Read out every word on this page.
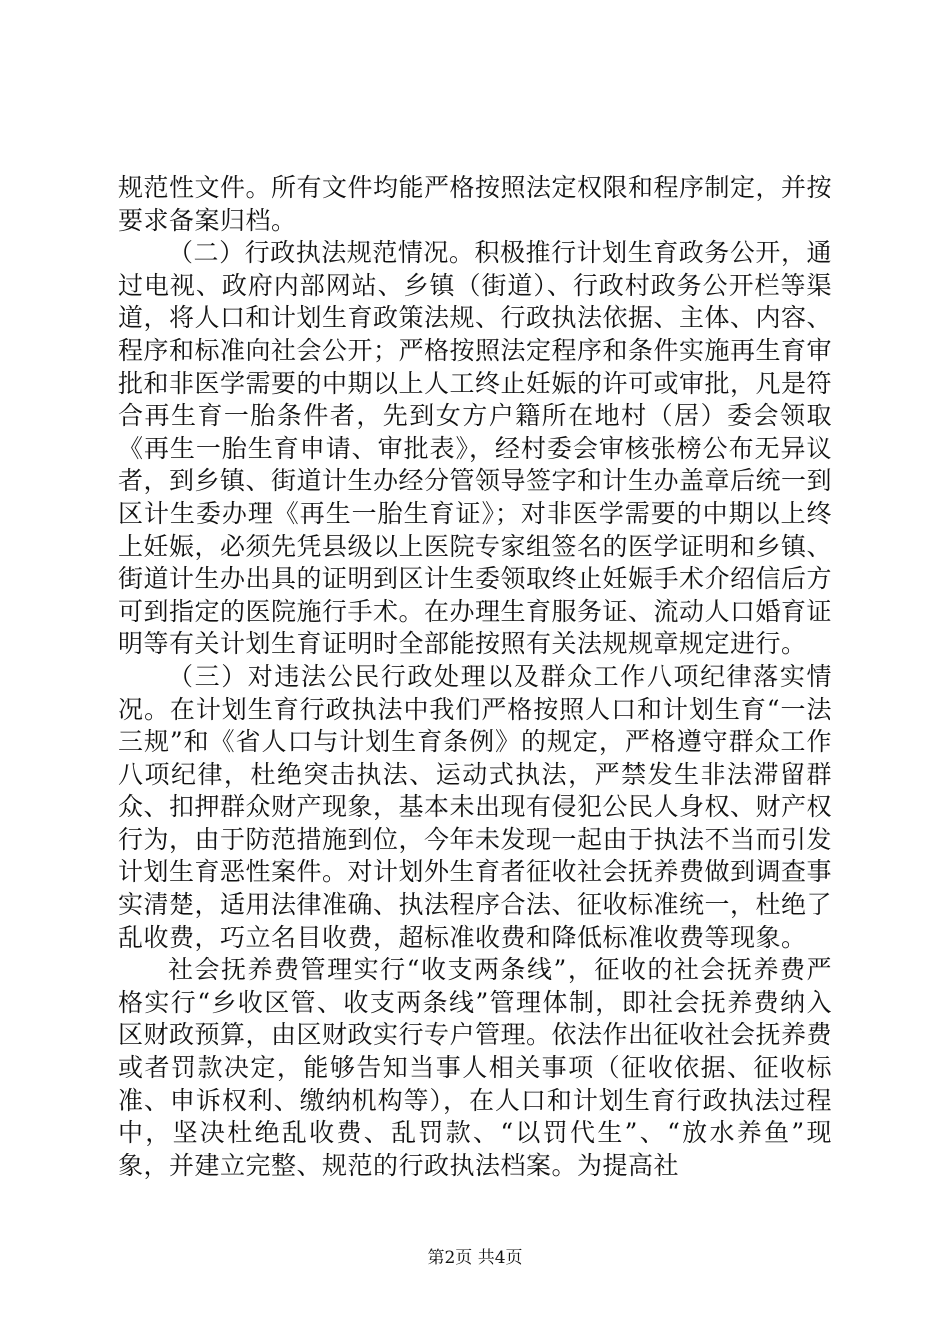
规范性文件。所有文件均能严格按照法定权限和程序制定，并按要求备案归档。

（二）行政执法规范情况。积极推行计划生育政务公开，通过电视、政府内部网站、乡镇（街道）、行政村政务公开栏等渠道，将人口和计划生育政策法规、行政执法依据、主体、内容、程序和标准向社会公开；严格按照法定程序和条件实施再生育审批和非医学需要的中期以上人工终止妊娠的许可或审批，凡是符合再生育一胎条件者，先到女方户籍所在地村（居）委会领取《再生一胎生育申请、审批表》，经村委会审核张榜公布无异议者，到乡镇、街道计生办经分管领导签字和计生办盖章后统一到区计生委办理《再生一胎生育证》；对非医学需要的中期以上终上妊娠，必须先凭县级以上医院专家组签名的医学证明和乡镇、街道计生办出具的证明到区计生委领取终止妊娠手术介绍信后方可到指定的医院施行手术。在办理生育服务证、流动人口婚育证明等有关计划生育证明时全部能按照有关法规规章规定进行。

（三）对违法公民行政处理以及群众工作八项纪律落实情况。在计划生育行政执法中我们严格按照人口和计划生育“一法三规”和《省人口与计划生育条例》的规定，严格遵守群众工作八项纪律，杜绝突击执法、运动式执法，严禁发生非法滞留群众、扣押群众财产现象，基本未出现有侵犯公民人身权、财产权行为，由于防范措施到位，今年未发现一起由于执法不当而引发计划生育恶性案件。对计划外生育者征收社会抚养费做到调查事实清楚，适用法律准确、执法程序合法、征收标准统一，杜绝了乱收费，巧立名目收费，超标准收费和降低标准收费等现象。

社会抚养费管理实行“收支两条线”，征收的社会抚养费严格实行“乡收区管、收支两条线”管理体制，即社会抚养费纳入区财政预算，由区财政实行专户管理。依法作出征收社会抚养费或者罚款决定，能够告知当事人相关事项（征收依据、征收标准、申诉权利、缴纳机构等），在人口和计划生育行政执法过程中，坚决杜绝乱收费、乱罚款、“以罚代生”、“放水养鱼”现象，并建立完整、规范的行政执法档案。为提高社

第2页 共4页
